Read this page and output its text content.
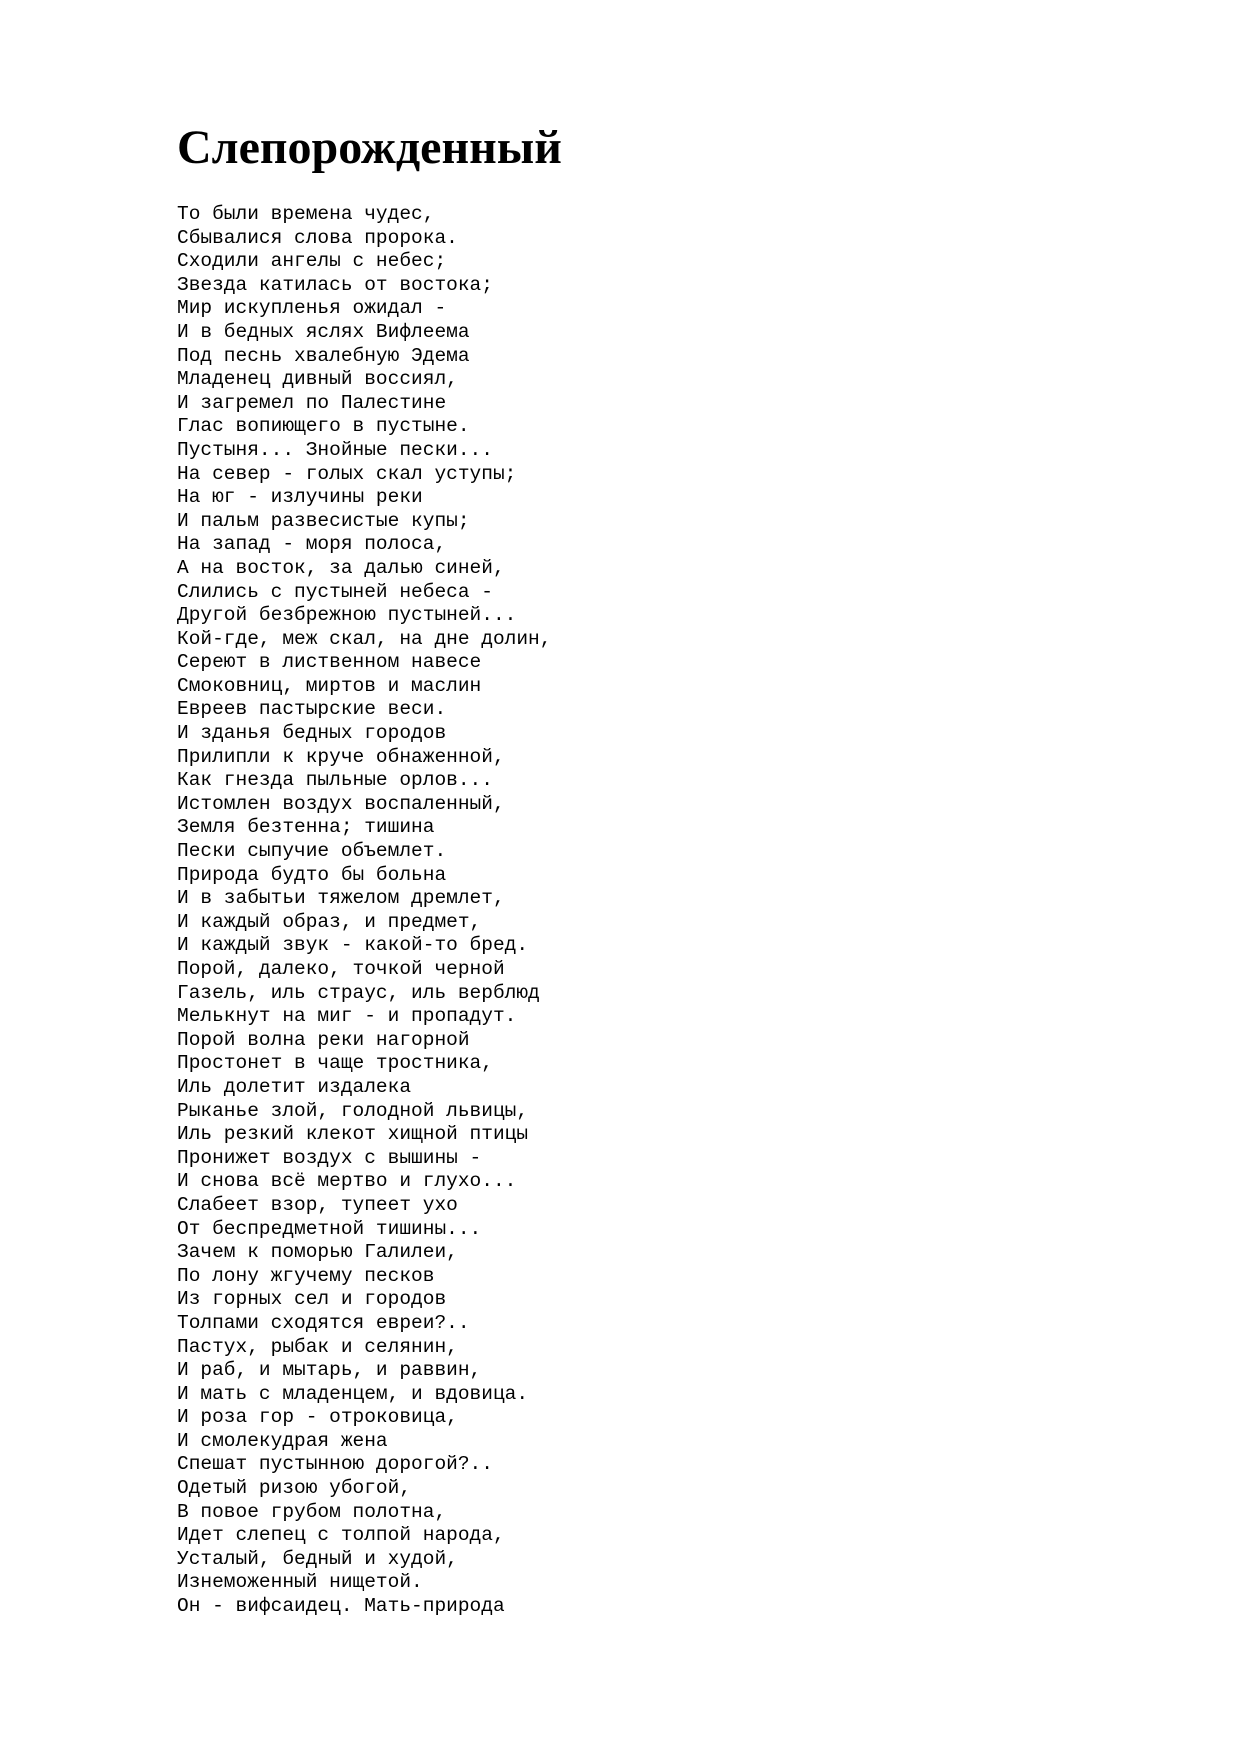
Слепорожденный
То были времена чудес,
Сбывалися слова пророка.
Сходили ангелы с небес;
Звезда катилась от востока;
Мир искупленья ожидал -
И в бедных яслях Вифлеема
Под песнь хвалебную Эдема
Младенец дивный воссиял,
И загремел по Палестине
Глас вопиющего в пустыне.
Пустыня... Знойные пески...
На север - голых скал уступы;
На юг - излучины реки
И пальм развесистые купы;
На запад - моря полоса,
А на восток, за далью синей,
Слились с пустыней небеса -
Другой безбрежною пустыней...
Кой-где, меж скал, на дне долин,
Сереют в лиственном навесе
Смоковниц, миртов и маслин
Евреев пастырские веси.
И зданья бедных городов
Прилипли к круче обнаженной,
Как гнезда пыльные орлов...
Истомлен воздух воспаленный,
Земля безтенна; тишина
Пески сыпучие объемлет.
Природа будто бы больна
И в забытьи тяжелом дремлет,
И каждый образ, и предмет,
И каждый звук - какой-то бред.
Порой, далеко, точкой черной
Газель, иль страус, иль верблюд
Мелькнут на миг - и пропадут.
Порой волна реки нагорной
Простонет в чаще тростника,
Иль долетит издалека
Рыканье злой, голодной львицы,
Иль резкий клекот хищной птицы
Пронижет воздух с вышины -
И снова всё мертво и глухо...
Слабеет взор, тупеет ухо
От беспредметной тишины...
Зачем к поморью Галилеи,
По лону жгучему песков
Из горных сел и городов
Толпами сходятся евреи?..
Пастух, рыбак и селянин,
И раб, и мытарь, и раввин,
И мать с младенцем, и вдовица.
И роза гор - отроковица,
И смолекудрая жена
Спешат пустынною дорогой?..
Одетый ризою убогой,
В повое грубом полотна,
Идет слепец с толпой народа,
Усталый, бедный и худой,
Изнеможенный нищетой.
Он - вифсаидец. Мать-природа
